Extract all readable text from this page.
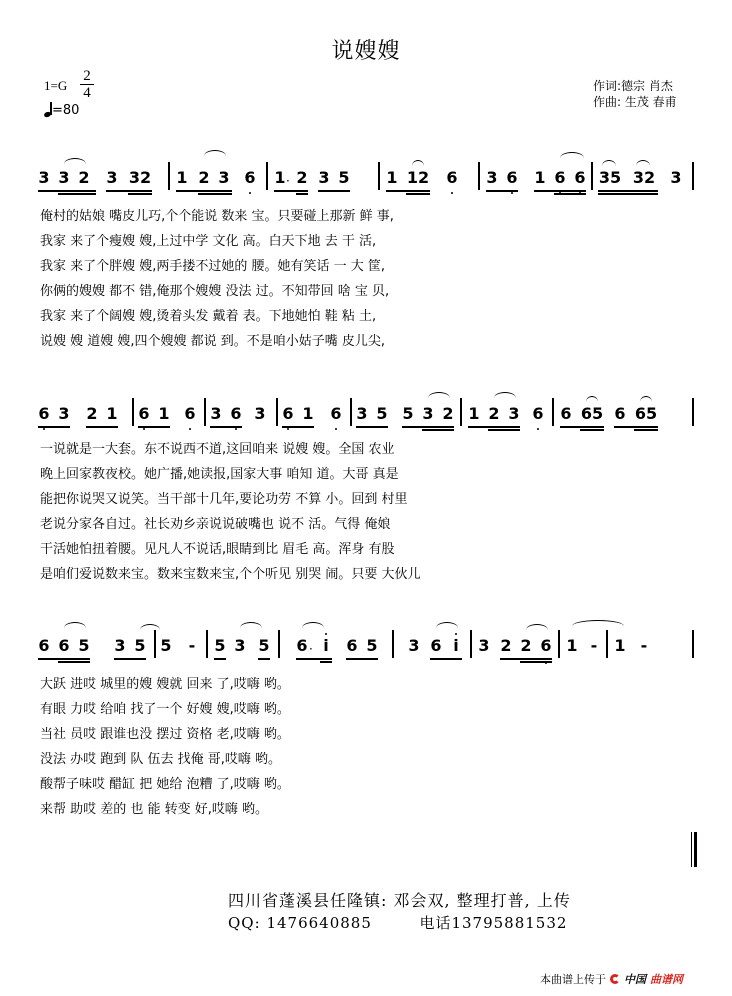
说嫂嫂
$1=G \frac{2}{4}$
=80
作词:德宗 肖杰
作曲: 生茂 春甫
3 3 2 3 32 1 2 3 6 1 · 2 3 5 1 12 6 3 6 1 6 6 35 32 3
俺村的姑娘 嘴皮儿巧,个个能说 数来 宝。只要碰上那新 鲜 事,
我家 来了个瘦嫂 嫂,上过中学 文化 高。白天下地 去 干 活,
我家 来了个胖嫂 嫂,两手搂不过她的 腰。她有笑话 一 大 筐,
你俩的嫂嫂 都不 错,俺那个嫂嫂 没法 过。不知带回 啥 宝 贝,
我家 来了个阔嫂 嫂,烫着头发 戴着 表。下地她怕 鞋 粘 土,
说嫂 嫂 道嫂 嫂,四个嫂嫂 都说 到。不是咱小姑子嘴 皮儿尖,
6 3 2 1 6 1 6 3 6 3 6 1 6 3 5 5 3 2 1 2 3 6 6 65 6 65
一说就是一大套。东不说西不道,这回咱来 说嫂 嫂。全国 农业
晚上回家教夜校。她广播,她读报,国家大事 咱知 道。大哥 真是
能把你说哭又说笑。当干部十几年,要论功劳 不算 小。回到 村里
老说分家各自过。社长劝乡亲说说破嘴也 说不 活。气得 俺娘
干活她怕扭着腰。见凡人不说话,眼睛到比 眉毛 高。浑身 有股
是咱们爱说数来宝。数来宝数来宝,个个听见 别哭 闹。只要 大伙儿
6 6 5 3 5 5 - 5 3 5 6 · i 6 5 3 6 i 3 2 2 6 1 - 1 -
大跃 进哎 城里的嫂 嫂就 回来 了,哎嗨 哟。
有眼 力哎 给咱 找了一个 好嫂 嫂,哎嗨 哟。
当社 员哎 跟谁也没 摆过 资格 老,哎嗨 哟。
没法 办哎 跑到 队 伍去 找俺 哥,哎嗨 哟。
酸帮子味哎 醋缸 把 她给 泡糟 了,哎嗨 哟。
来帮 助哎 差的 也 能 转变 好,哎嗨 哟。
四川省蓬溪县任隆镇: 邓会双, 整理打普, 上传
QQ: 1476640885	电话13795881532
本曲谱上传于 中国 曲谱网
